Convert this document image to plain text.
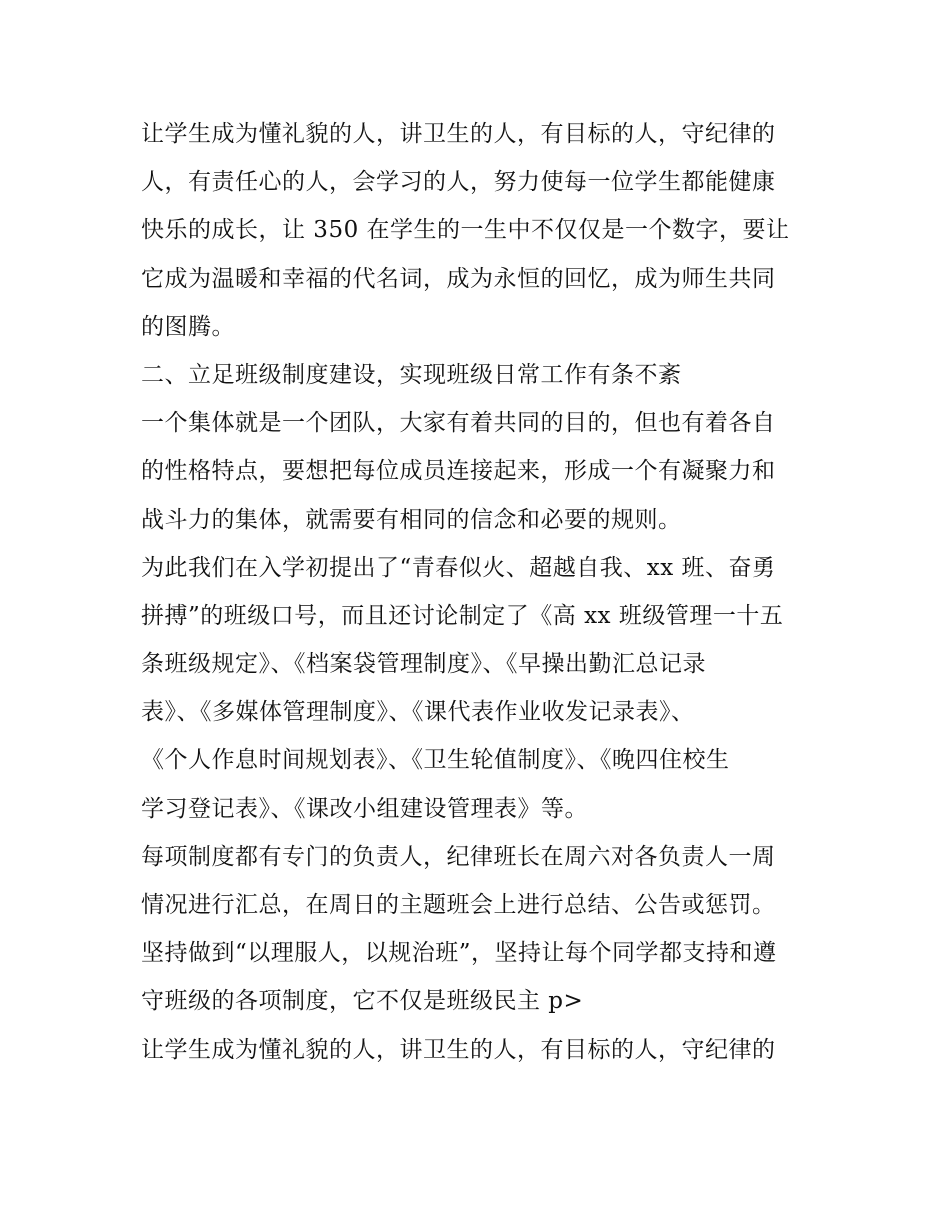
让学生成为懂礼貌的人，讲卫生的人，有目标的人，守纪律的
人，有责任心的人，会学习的人，努力使每一位学生都能健康
快乐的成长，让 350 在学生的一生中不仅仅是一个数字，要让
它成为温暖和幸福的代名词，成为永恒的回忆，成为师生共同
的图腾。
二、立足班级制度建设，实现班级日常工作有条不紊
一个集体就是一个团队，大家有着共同的目的，但也有着各自
的性格特点，要想把每位成员连接起来，形成一个有凝聚力和
战斗力的集体，就需要有相同的信念和必要的规则。
为此我们在入学初提出了“青春似火、超越自我、xx 班、奋勇
拼搏”的班级口号，而且还讨论制定了《高 xx 班级管理一十五
条班级规定》、《档案袋管理制度》、《早操出勤汇总记录
表》、《多媒体管理制度》、《课代表作业收发记录表》、
《个人作息时间规划表》、《卫生轮值制度》、《晚四住校生
学习登记表》、《课改小组建设管理表》等。
每项制度都有专门的负责人，纪律班长在周六对各负责人一周
情况进行汇总，在周日的主题班会上进行总结、公告或惩罚。
坚持做到“以理服人，以规治班”，坚持让每个同学都支持和遵
守班级的各项制度，它不仅是班级民主 p>
让学生成为懂礼貌的人，讲卫生的人，有目标的人，守纪律的
